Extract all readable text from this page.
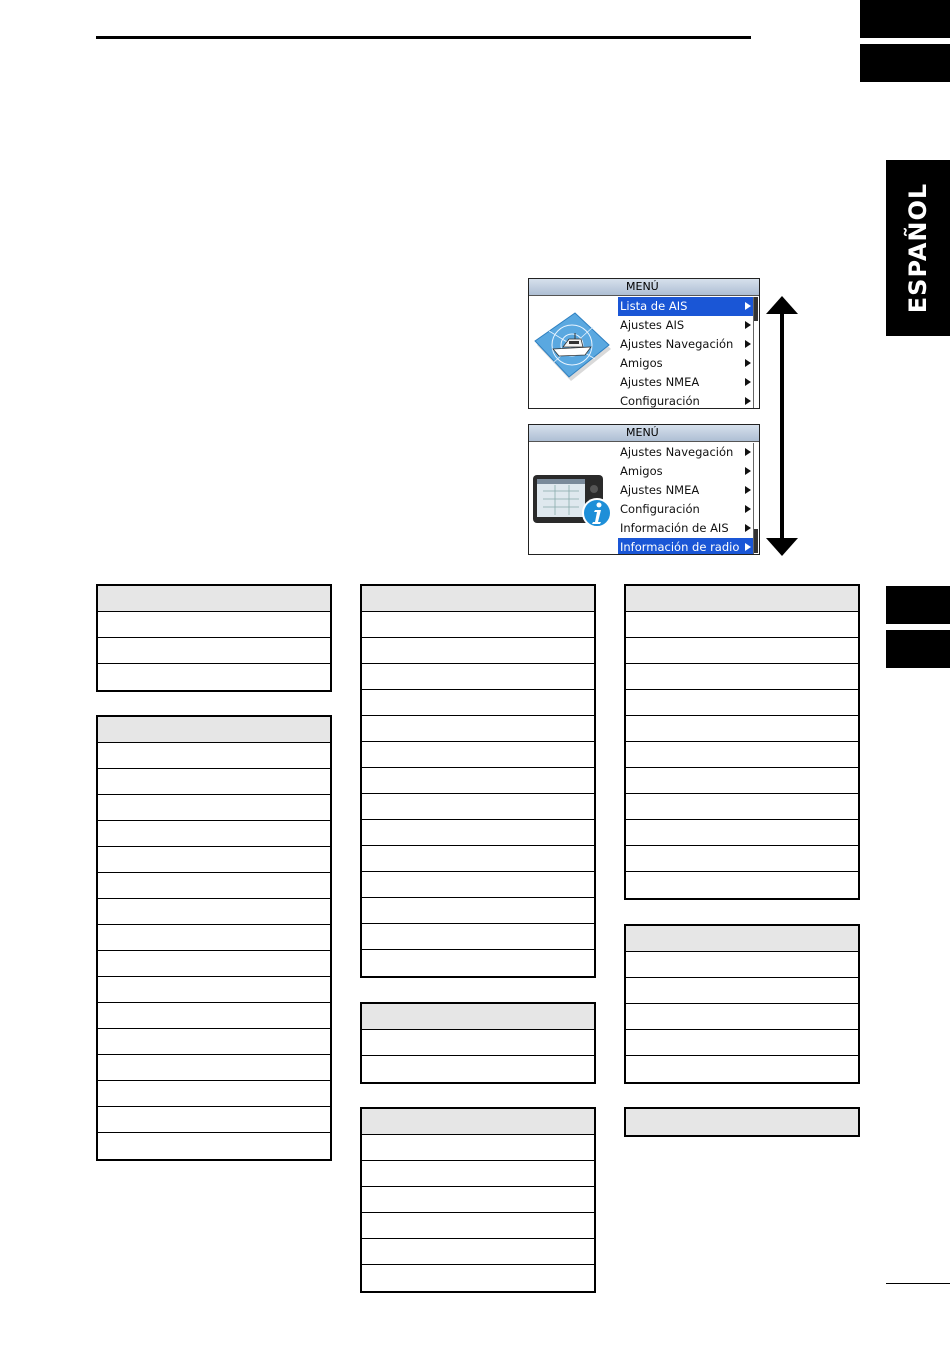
ESPAÑOL
MENÚ
Lista de AIS
Ajustes AIS
Ajustes Navegación
Amigos
Ajustes NMEA
Configuración
MENÚ
Ajustes Navegación
Amigos
Ajustes NMEA
Configuración
Información de AIS
Información de radio
